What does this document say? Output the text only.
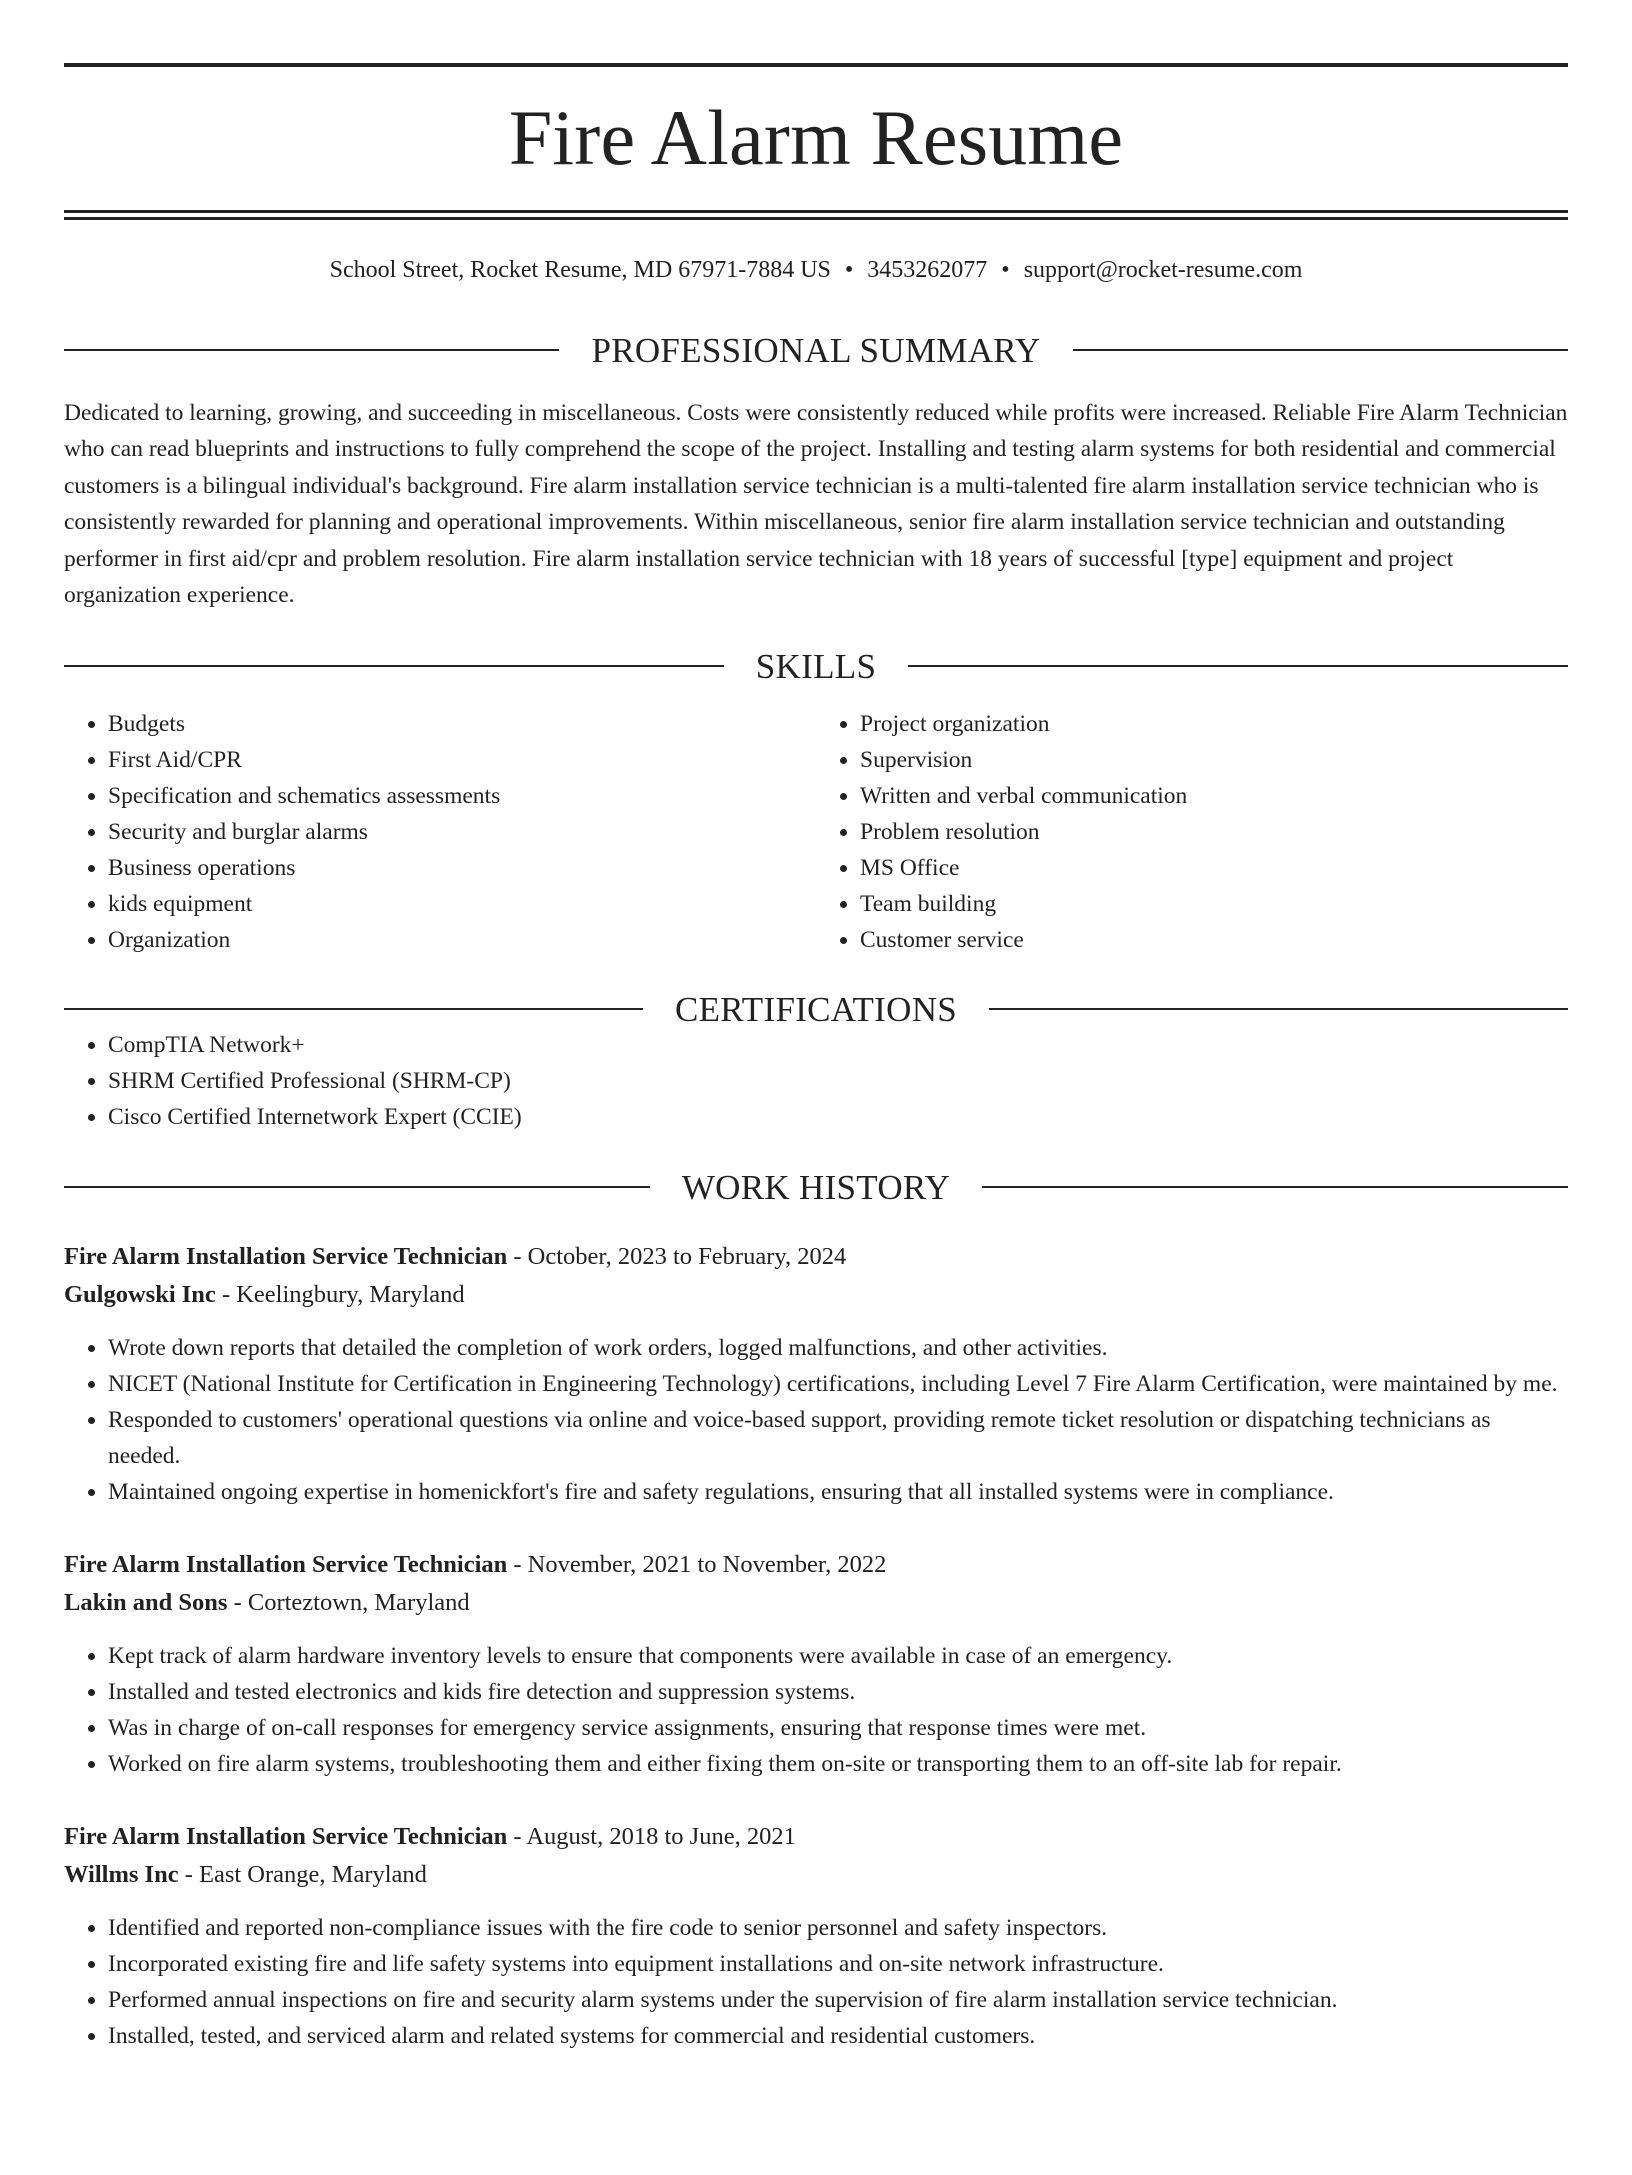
Fire Alarm Resume
School Street, Rocket Resume, MD 67971-7884 US • 3453262077 • support@rocket-resume.com
PROFESSIONAL SUMMARY
Dedicated to learning, growing, and succeeding in miscellaneous. Costs were consistently reduced while profits were increased. Reliable Fire Alarm Technician who can read blueprints and instructions to fully comprehend the scope of the project. Installing and testing alarm systems for both residential and commercial customers is a bilingual individual's background. Fire alarm installation service technician is a multi-talented fire alarm installation service technician who is consistently rewarded for planning and operational improvements. Within miscellaneous, senior fire alarm installation service technician and outstanding performer in first aid/cpr and problem resolution. Fire alarm installation service technician with 18 years of successful [type] equipment and project organization experience.
SKILLS
• Budgets
• First Aid/CPR
• Specification and schematics assessments
• Security and burglar alarms
• Business operations
• kids equipment
• Organization
• Project organization
• Supervision
• Written and verbal communication
• Problem resolution
• MS Office
• Team building
• Customer service
CERTIFICATIONS
• CompTIA Network+
• SHRM Certified Professional (SHRM-CP)
• Cisco Certified Internetwork Expert (CCIE)
WORK HISTORY
Fire Alarm Installation Service Technician - October, 2023 to February, 2024
Gulgowski Inc - Keelingbury, Maryland
• Wrote down reports that detailed the completion of work orders, logged malfunctions, and other activities.
• NICET (National Institute for Certification in Engineering Technology) certifications, including Level 7 Fire Alarm Certification, were maintained by me.
• Responded to customers' operational questions via online and voice-based support, providing remote ticket resolution or dispatching technicians as needed.
• Maintained ongoing expertise in homenickfort's fire and safety regulations, ensuring that all installed systems were in compliance.
Fire Alarm Installation Service Technician - November, 2021 to November, 2022
Lakin and Sons - Corteztown, Maryland
• Kept track of alarm hardware inventory levels to ensure that components were available in case of an emergency.
• Installed and tested electronics and kids fire detection and suppression systems.
• Was in charge of on-call responses for emergency service assignments, ensuring that response times were met.
• Worked on fire alarm systems, troubleshooting them and either fixing them on-site or transporting them to an off-site lab for repair.
Fire Alarm Installation Service Technician - August, 2018 to June, 2021
Willms Inc - East Orange, Maryland
• Identified and reported non-compliance issues with the fire code to senior personnel and safety inspectors.
• Incorporated existing fire and life safety systems into equipment installations and on-site network infrastructure.
• Performed annual inspections on fire and security alarm systems under the supervision of fire alarm installation service technician.
• Installed, tested, and serviced alarm and related systems for commercial and residential customers.
